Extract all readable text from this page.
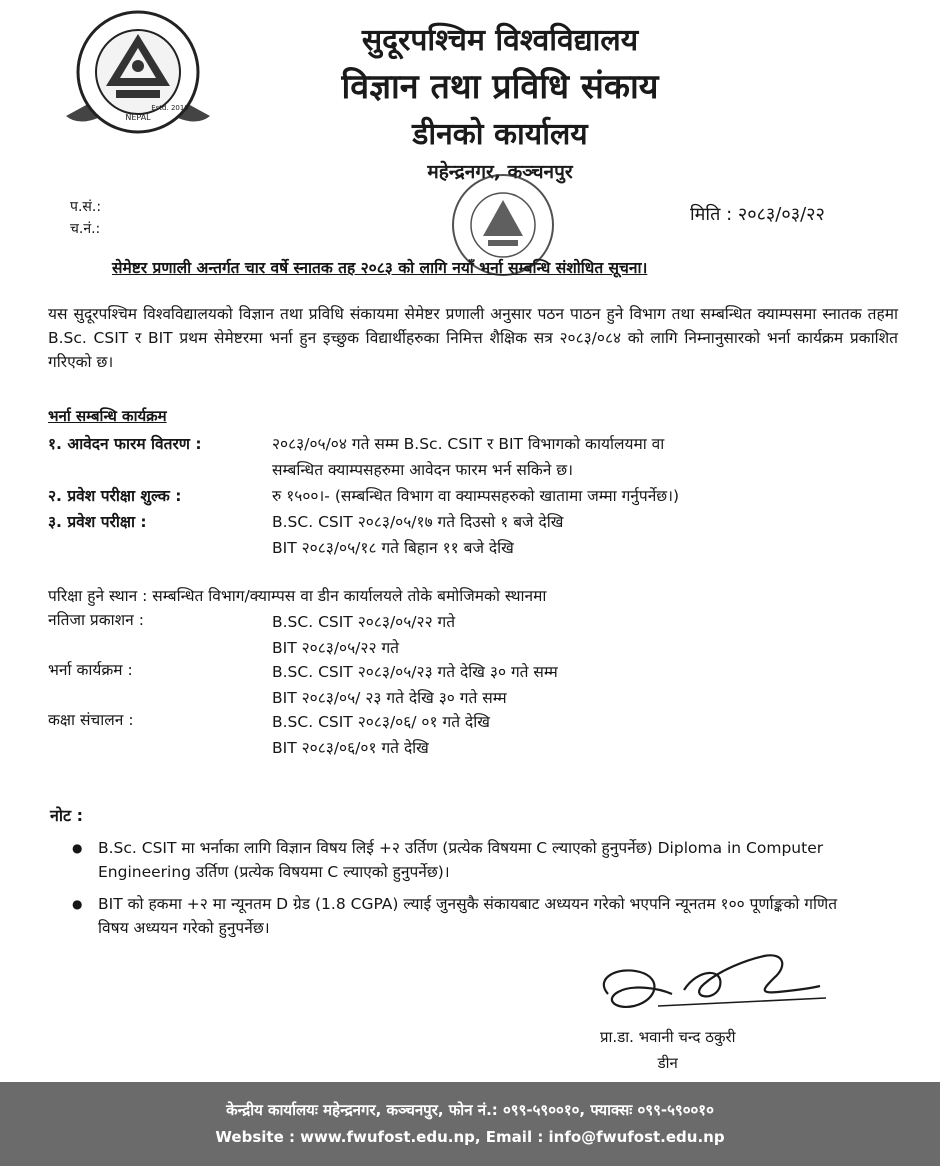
NEPAL
Estd. 2010
सुदूरपश्चिम विश्वविद्यालय
विज्ञान तथा प्रविधि संकाय
डीनको कार्यालय
महेन्द्रनगर, कञ्चनपुर
प.सं.:
च.नं.:
मिति : २०८३/०३/२२
सेमेष्टर प्रणाली अन्तर्गत चार वर्षे स्नातक तह २०८३ को लागि नयाँ भर्ना सम्बन्धि संशोधित सूचना।
यस सुदूरपश्चिम विश्वविद्यालयको विज्ञान तथा प्रविधि संकायमा सेमेष्टर प्रणाली अनुसार पठन पाठन हुने विभाग तथा सम्बन्धित क्याम्पसमा स्नातक तहमा B.Sc. CSIT र BIT प्रथम सेमेष्टरमा भर्ना हुन इच्छुक विद्यार्थीहरुका निमित्त शैक्षिक सत्र २०८३/०८४ को लागि निम्नानुसारको भर्ना कार्यक्रम प्रकाशित गरिएको छ।
भर्ना सम्बन्धि कार्यक्रम
१. आवेदन फारम वितरण :	२०८३/०५/०४ गते सम्म B.Sc. CSIT र BIT विभागको कार्यालयमा वा
सम्बन्धित क्याम्पसहरुमा आवेदन फारम भर्न सकिने छ।
२. प्रवेश परीक्षा शुल्क :	रु १५००।- (सम्बन्धित विभाग वा क्याम्पसहरुको खातामा जम्मा गर्नुपर्नेछ।)
३. प्रवेश परीक्षा :	B.SC. CSIT २०८३/०५/१७ गते दिउसो १ बजे देखि
BIT २०८३/०५/१८ गते बिहान ११ बजे देखि
परिक्षा हुने स्थान : सम्बन्धित विभाग/क्याम्पस वा डीन कार्यालयले तोके बमोजिमको स्थानमा
नतिजा प्रकाशन :	B.SC. CSIT २०८३/०५/२२ गते
BIT २०८३/०५/२२ गते
भर्ना कार्यक्रम :	B.SC. CSIT २०८३/०५/२३ गते देखि ३० गते सम्म
BIT २०८३/०५/ २३ गते देखि ३० गते सम्म
कक्षा संचालन :	B.SC. CSIT २०८३/०६/ ०१ गते देखि
BIT २०८३/०६/०१ गते देखि
नोट :
● B.Sc. CSIT मा भर्नाका लागि विज्ञान विषय लिई +२ उर्तिण (प्रत्येक विषयमा C ल्याएको हुनुपर्नेछ) Diploma in Computer Engineering उर्तिण (प्रत्येक विषयमा C ल्याएको हुनुपर्नेछ)।
● BIT को हकमा +२ मा न्यूनतम D ग्रेड (1.8 CGPA) ल्याई जुनसुकै संकायबाट अध्ययन गरेको भएपनि न्यूनतम १०० पूर्णाङ्कको गणित विषय अध्ययन गरेको हुनुपर्नेछ।
प्रा.डा. भवानी चन्द ठकुरी
डीन
केन्द्रीय कार्यालयः महेन्द्रनगर, कञ्चनपुर, फोन नं.: ०९९-५९००१०, फ्याक्सः ०९९-५९००१०
Website : www.fwufost.edu.np, Email : info@fwufost.edu.np
